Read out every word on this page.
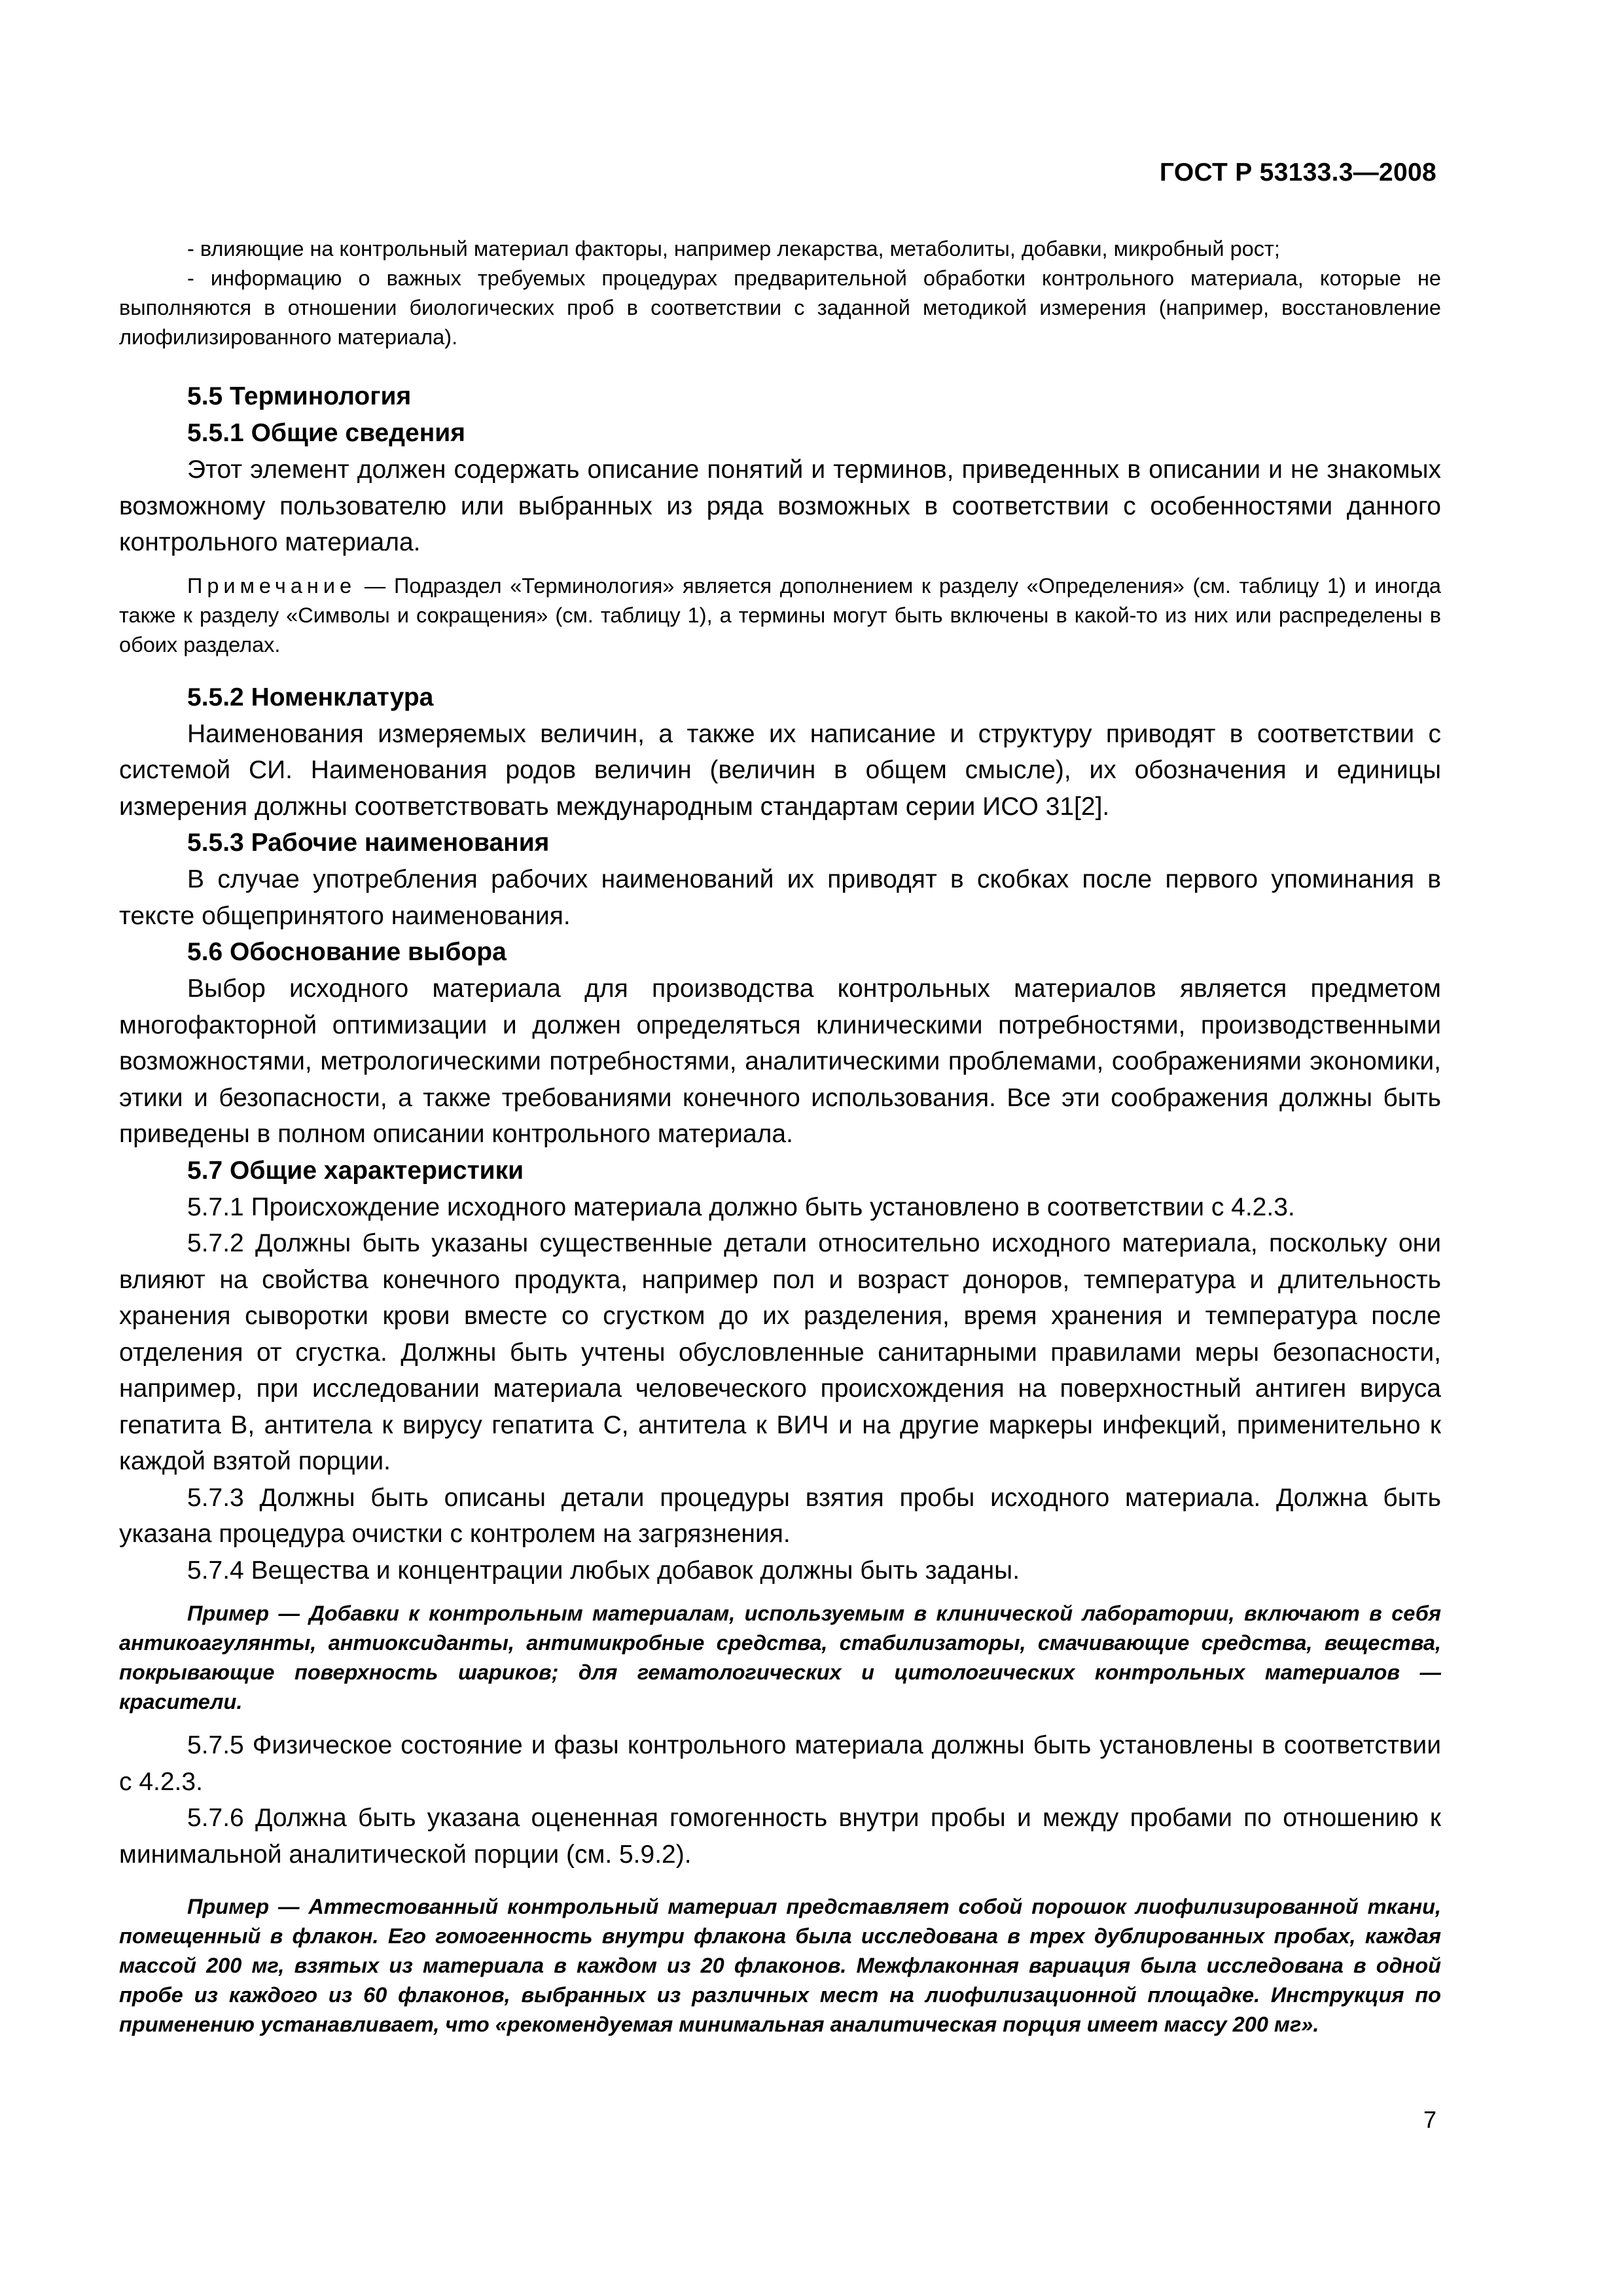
ГОСТ Р 53133.3—2008

- влияющие на контрольный материал факторы, например лекарства, метаболиты, добавки, микробный рост;

- информацию о важных требуемых процедурах предварительной обработки контрольного материала, которые не выполняются в отношении биологических проб в соответствии с заданной методикой измерения (например, восстановление лиофилизированного материала).

5.5 Терминология
5.5.1 Общие сведения

Этот элемент должен содержать описание понятий и терминов, приведенных в описании и не знакомых возможному пользователю или выбранных из ряда возможных в соответствии с особенностями данного контрольного материала.

Примечание — Подраздел «Терминология» является дополнением к разделу «Определения» (см. таблицу 1) и иногда также к разделу «Символы и сокращения» (см. таблицу 1), а термины могут быть включены в какой-то из них или распределены в обоих разделах.

5.5.2 Номенклатура

Наименования измеряемых величин, а также их написание и структуру приводят в соответствии с системой СИ. Наименования родов величин (величин в общем смысле), их обозначения и единицы измерения должны соответствовать международным стандартам серии ИСО 31[2].

5.5.3 Рабочие наименования

В случае употребления рабочих наименований их приводят в скобках после первого упоминания в тексте общепринятого наименования.

5.6 Обоснование выбора

Выбор исходного материала для производства контрольных материалов является предметом многофакторной оптимизации и должен определяться клиническими потребностями, производственными возможностями, метрологическими потребностями, аналитическими проблемами, соображениями экономики, этики и безопасности, а также требованиями конечного использования. Все эти соображения должны быть приведены в полном описании контрольного материала.

5.7 Общие характеристики

5.7.1 Происхождение исходного материала должно быть установлено в соответствии с 4.2.3.

5.7.2 Должны быть указаны существенные детали относительно исходного материала, поскольку они влияют на свойства конечного продукта, например пол и возраст доноров, температура и длительность хранения сыворотки крови вместе со сгустком до их разделения, время хранения и температура после отделения от сгустка. Должны быть учтены обусловленные санитарными правилами меры безопасности, например, при исследовании материала человеческого происхождения на поверхностный антиген вируса гепатита В, антитела к вирусу гепатита С, антитела к ВИЧ и на другие маркеры инфекций, применительно к каждой взятой порции.

5.7.3 Должны быть описаны детали процедуры взятия пробы исходного материала. Должна быть указана процедура очистки с контролем на загрязнения.

5.7.4 Вещества и концентрации любых добавок должны быть заданы.

Пример — Добавки к контрольным материалам, используемым в клинической лаборатории, включают в себя антикоагулянты, антиоксиданты, антимикробные средства, стабилизаторы, смачивающие средства, вещества, покрывающие поверхность шариков; для гематологических и цитологических контрольных материалов — красители.

5.7.5 Физическое состояние и фазы контрольного материала должны быть установлены в соответствии с 4.2.3.

5.7.6 Должна быть указана оцененная гомогенность внутри пробы и между пробами по отношению к минимальной аналитической порции (см. 5.9.2).

Пример — Аттестованный контрольный материал представляет собой порошок лиофилизированной ткани, помещенный в флакон. Его гомогенность внутри флакона была исследована в трех дублированных пробах, каждая массой 200 мг, взятых из материала в каждом из 20 флаконов. Межфлаконная вариация была исследована в одной пробе из каждого из 60 флаконов, выбранных из различных мест на лиофилизационной площадке. Инструкция по применению устанавливает, что «рекомендуемая минимальная аналитическая порция имеет массу 200 мг».

7
